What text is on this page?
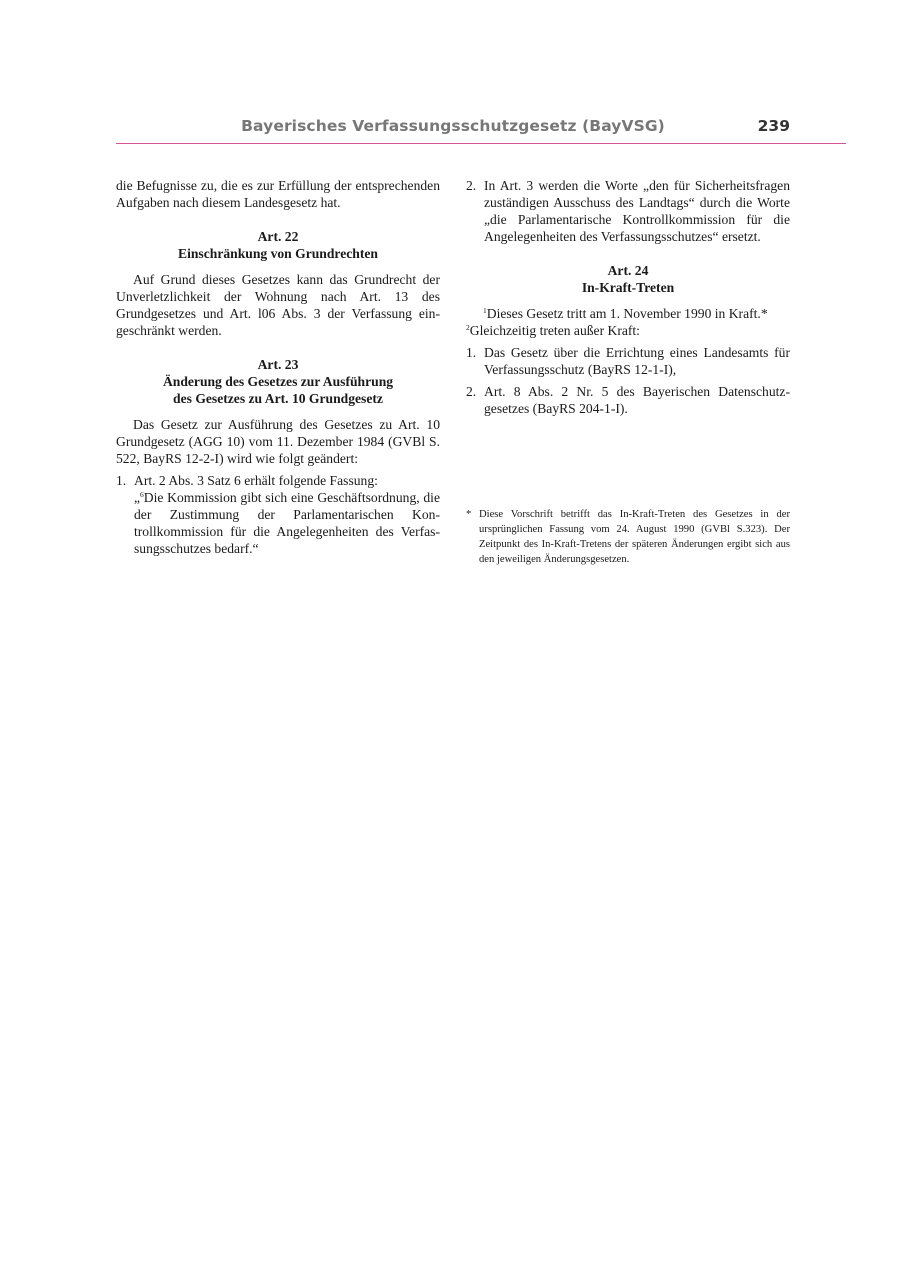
Bayerisches Verfassungsschutzgesetz (BayVSG)	239

die Befugnisse zu, die es zur Erfüllung der entsprechenden Aufgaben nach diesem Landesgesetz hat.

Art. 22
Einschränkung von Grundrechten

Auf Grund dieses Gesetzes kann das Grundrecht der Unverletzlichkeit der Wohnung nach Art. 13 des Grundgesetzes und Art. l06 Abs. 3 der Verfassung eingeschränkt werden.

Art. 23
Änderung des Gesetzes zur Ausführung
des Gesetzes zu Art. 10 Grundgesetz

Das Gesetz zur Ausführung des Gesetzes zu Art. 10 Grundgesetz (AGG 10) vom 11. Dezember 1984 (GVBl S. 522, BayRS 12-2-I) wird wie folgt geändert:

1. Art. 2 Abs. 3 Satz 6 erhält folgende Fassung:

„$^6$Die Kommission gibt sich eine Geschäftsordnung, die der Zustimmung der Parlamentarischen Kontrollkommission für die Angelegenheiten des Verfassungsschutzes bedarf.“

2. In Art. 3 werden die Worte „den für Sicherheitsfragen zuständigen Ausschuss des Landtags“ durch die Worte „die Parlamentarische Kontrollkommission für die Angelegenheiten des Verfassungsschutzes“ ersetzt.

Art. 24
In-Kraft-Treten

$^1$Dieses Gesetz tritt am 1. November 1990 in Kraft.*

$^2$Gleichzeitig treten außer Kraft:

1. Das Gesetz über die Errichtung eines Landesamts für Verfassungsschutz (BayRS 12-1-I),

2. Art. 8 Abs. 2 Nr. 5 des Bayerischen Datenschutzgesetzes (BayRS 204-1-I).

* Diese Vorschrift betrifft das In-Kraft-Treten des Gesetzes in der ursprünglichen Fassung vom 24. August 1990 (GVBl S.323). Der Zeitpunkt des In-Kraft-Tretens der späteren Änderungen ergibt sich aus den jeweiligen Änderungsgesetzen.
